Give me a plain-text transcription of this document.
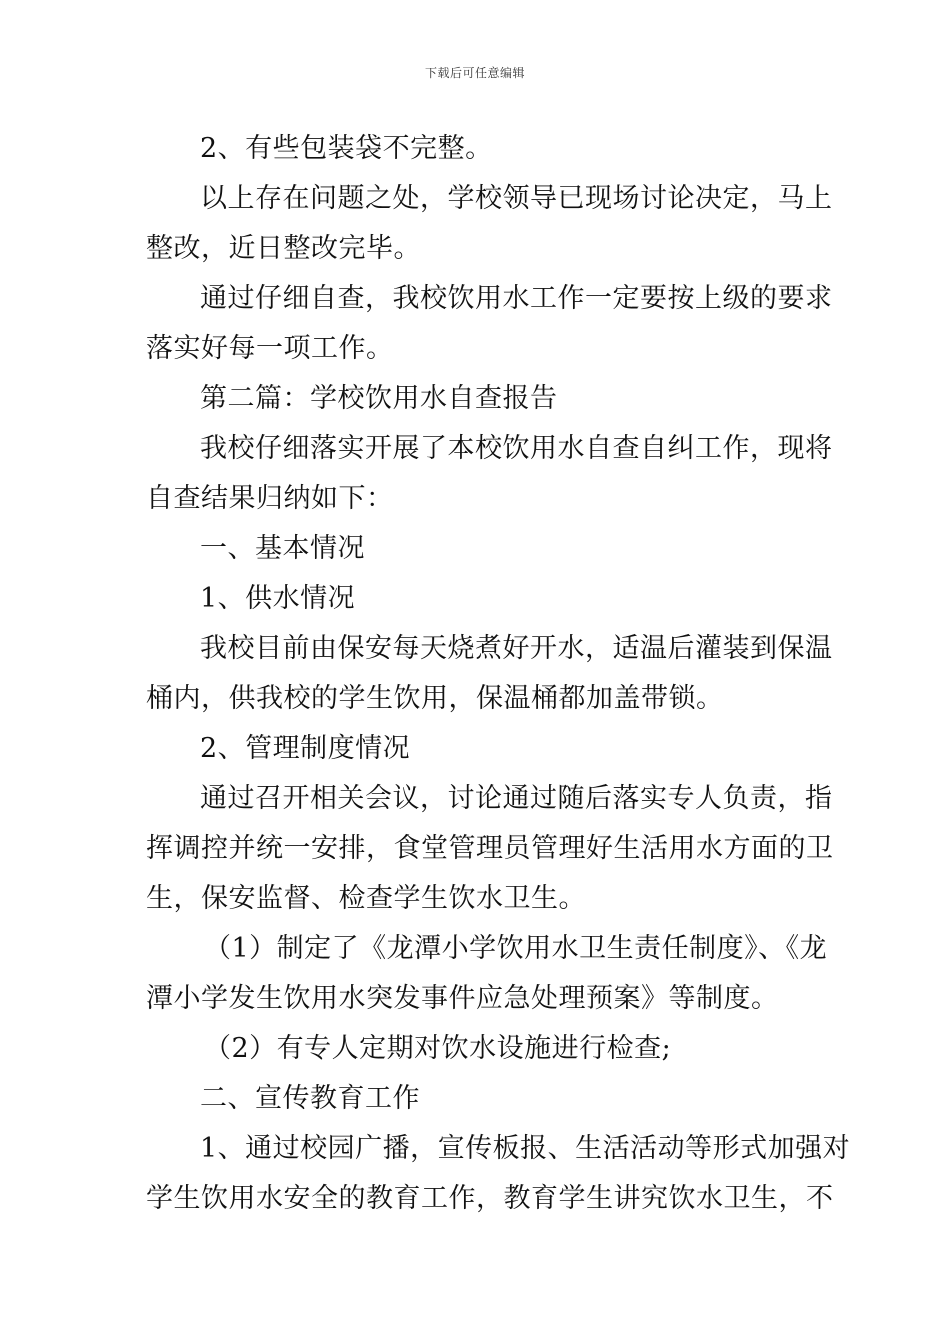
下载后可任意编辑
2、有些包装袋不完整。
以上存在问题之处，学校领导已现场讨论决定，马上
整改，近日整改完毕。
通过仔细自查，我校饮用水工作一定要按上级的要求
落实好每一项工作。
第二篇：学校饮用水自查报告
我校仔细落实开展了本校饮用水自查自纠工作，现将
自查结果归纳如下：
一、基本情况
1、供水情况
我校目前由保安每天烧煮好开水，适温后灌装到保温
桶内，供我校的学生饮用，保温桶都加盖带锁。
2、管理制度情况
通过召开相关会议，讨论通过随后落实专人负责，指
挥调控并统一安排，食堂管理员管理好生活用水方面的卫
生，保安监督、检查学生饮水卫生。
（1）制定了《龙潭小学饮用水卫生责任制度》、《龙
潭小学发生饮用水突发事件应急处理预案》等制度。
（2）有专人定期对饮水设施进行检查;
二、宣传教育工作
1、通过校园广播，宣传板报、生活活动等形式加强对
学生饮用水安全的教育工作，教育学生讲究饮水卫生，不
